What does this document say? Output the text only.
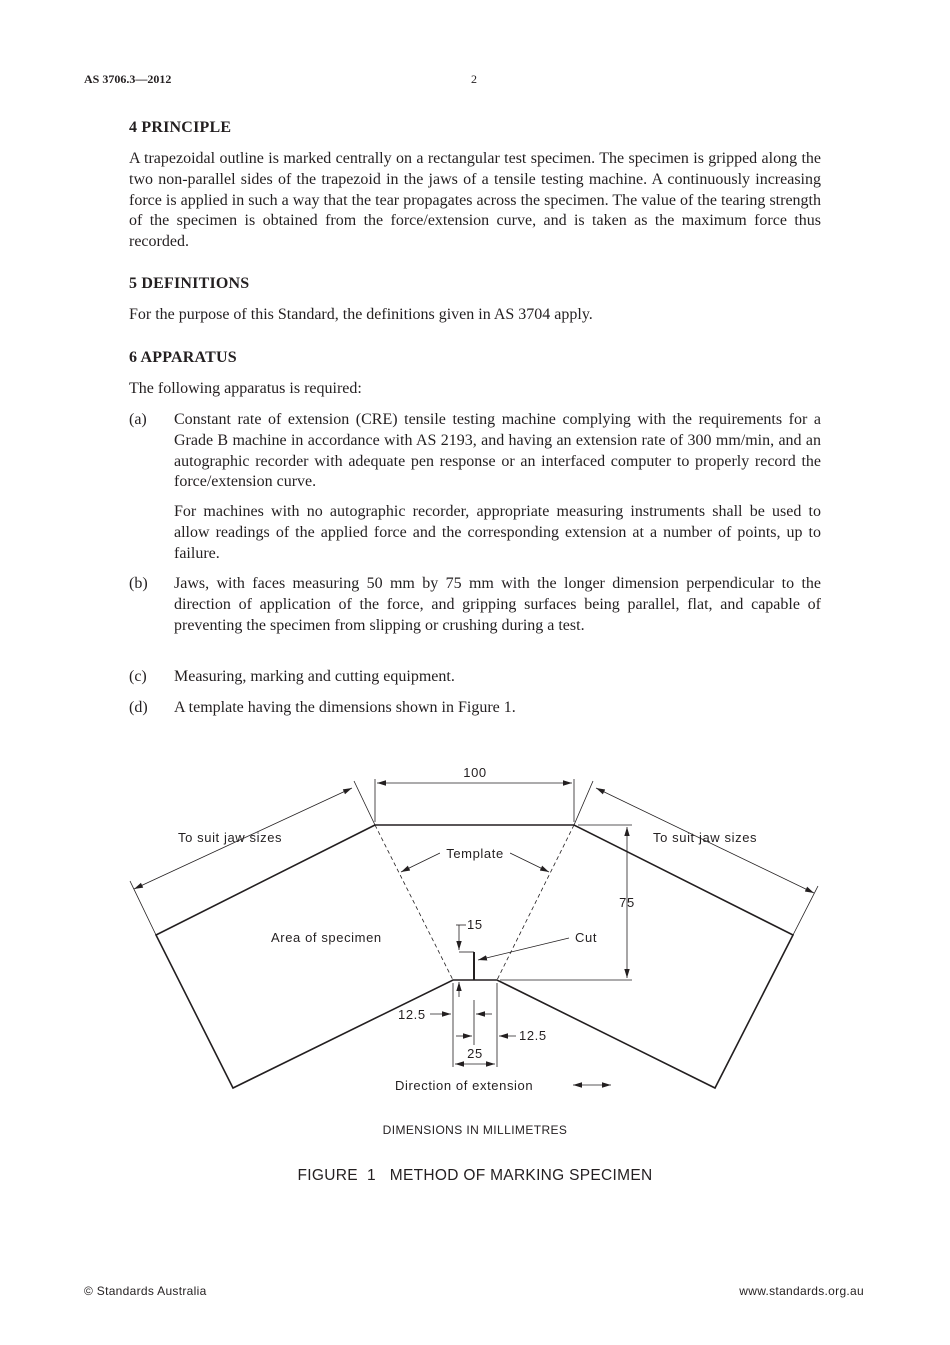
AS 3706.3—2012	2
4 PRINCIPLE
A trapezoidal outline is marked centrally on a rectangular test specimen. The specimen is gripped along the two non-parallel sides of the trapezoid in the jaws of a tensile testing machine. A continuously increasing force is applied in such a way that the tear propagates across the specimen. The value of the tearing strength of the specimen is obtained from the force/extension curve, and is taken as the maximum force thus recorded.
5 DEFINITIONS
For the purpose of this Standard, the definitions given in AS 3704 apply.
6 APPARATUS
The following apparatus is required:
(a) Constant rate of extension (CRE) tensile testing machine complying with the requirements for a Grade B machine in accordance with AS 2193, and having an extension rate of 300 mm/min, and an autographic recorder with adequate pen response or an interfaced computer to properly record the force/extension curve.
For machines with no autographic recorder, appropriate measuring instruments shall be used to allow readings of the applied force and the corresponding extension at a number of points, up to failure.
(b) Jaws, with faces measuring 50 mm by 75 mm with the longer dimension perpendicular to the direction of application of the force, and gripping surfaces being parallel, flat, and capable of preventing the specimen from slipping or crushing during a test.
(c) Measuring, marking and cutting equipment.
(d) A template having the dimensions shown in Figure 1.
100
To suit jaw sizes	To suit jaw sizes
Template
75
15
Area of specimen	Cut
12.5
12.5
25
Direction of extension
DIMENSIONS IN MILLIMETRES
FIGURE  1   METHOD OF MARKING SPECIMEN
© Standards Australia	www.standards.org.au
